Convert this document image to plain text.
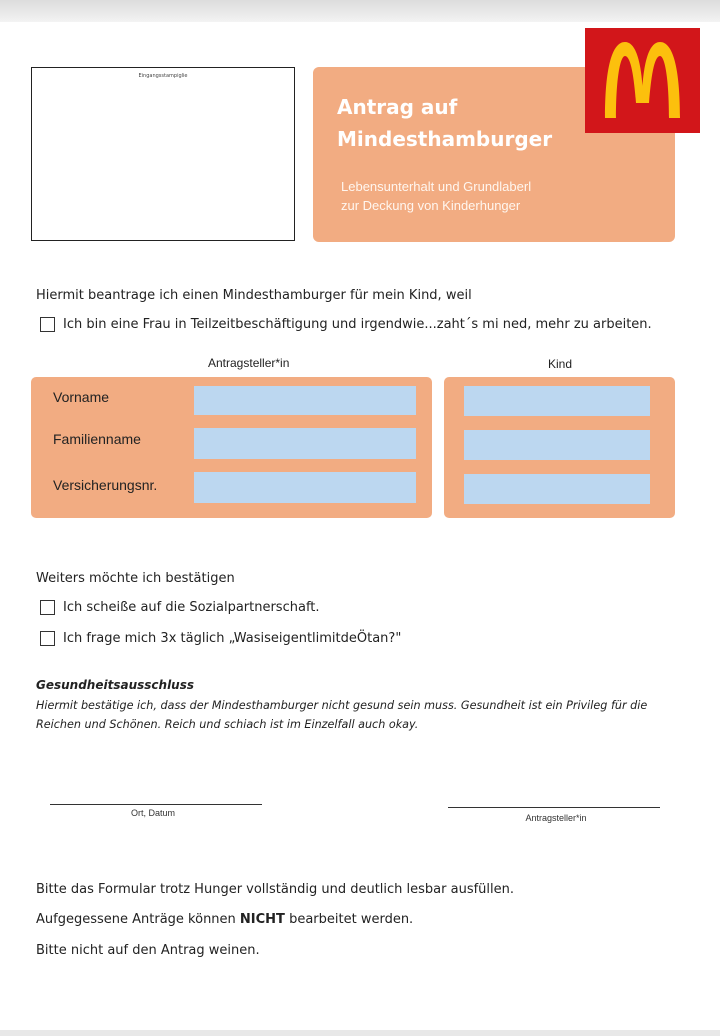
Eingangsstampiglie
Antrag auf
Mindesthamburger
Lebensunterhalt und Grundlaberl
zur Deckung von Kinderhunger
Hiermit beantrage ich einen Mindesthamburger für mein Kind, weil
Ich bin eine Frau in Teilzeitbeschäftigung und irgendwie...zaht´s mi ned, mehr zu arbeiten.
Antragsteller*in	Kind
Vorname
Familienname
Versicherungsnr.
Weiters möchte ich bestätigen
Ich scheiße auf die Sozialpartnerschaft.
Ich frage mich 3x täglich „WasiseigentlimitdeÖtan?"
Gesundheitsausschluss
Hiermit bestätige ich, dass der Mindesthamburger nicht gesund sein muss. Gesundheit ist ein Privileg für die Reichen und Schönen. Reich und schiach ist im Einzelfall auch okay.
Ort, Datum	Antragsteller*in
Bitte das Formular trotz Hunger vollständig und deutlich lesbar ausfüllen.
Aufgegessene Anträge können NICHT bearbeitet werden.
Bitte nicht auf den Antrag weinen.
